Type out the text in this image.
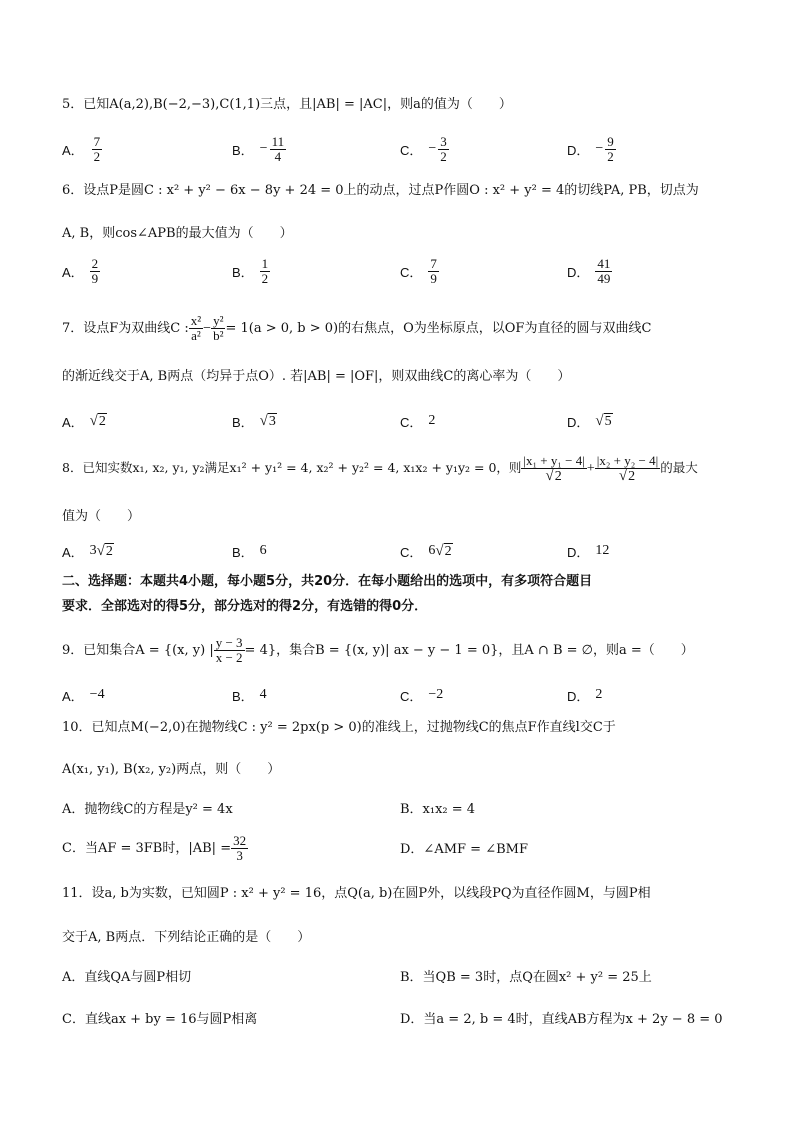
5．已知A(a,2),B(−2,−3),C(1,1)三点，且|AB| = |AC|，则a的值为（　　）
A． $\frac{7}{2}$	B． − $\frac{11}{4}$	C． − $\frac{3}{2}$	D． − $\frac{9}{2}$
6．设点P是圆C : x² + y² − 6x − 8y + 24 = 0上的动点，过点P作圆O : x² + y² = 4的切线PA, PB，切点为
A, B，则cos∠APB的最大值为（　　）
A． $\frac{2}{9}$	B． $\frac{1}{2}$	C． $\frac{7}{9}$	D． $\frac{41}{49}$
7．设点F为双曲线C : $\frac{\text{x²}}{\text{a²}} - \frac{\text{y²}}{\text{b²}} = 1(a > 0$, b > 0)的右焦点，O为坐标原点，以OF为直径的圆与双曲线C
的渐近线交于A, B两点（均异于点O）. 若|AB| = |OF|，则双曲线C的离心率为（　　）
A． √2	B． √3	C． 2	D． √5
8．已知实数x₁, x₂, y₁, y₂满足x₁² + y₁² = 4, x₂² + y₂² = 4, x₁x₂ + y₁y₂ = 0，则 $\frac{\text{|x₁ + y₁ − 4|}}{√2} + \frac{\text{|x₂ + y₂ − 4|}}{√2}$ 的最大
值为（　　）
A． 3 √2	B． 6	C． 6 √2	D． 12
二、选择题：本题共4小题，每小题5分，共20分．在每小题给出的选项中，有多项符合题目
要求．全部选对的得5分，部分选对的得2分，有选错的得0分．
9．已知集合A = {(x, y) | $\frac{y - 3}{x - 2} = 4$}，集合B = {(x, y)| ax − y − 1 = 0}，且A ∩ B = ∅，则a =（　　）
A． −4	B． 4	C． −2	D． 2
10．已知点M(−2,0)在抛物线C : y² = 2px(p > 0)的准线上，过抛物线C的焦点F作直线l交C于
A(x₁, y₁), B(x₂, y₂)两点，则（　　）
A．抛物线C的方程是y² = 4x	B．x₁x₂ = 4
C．当AF = 3FB时，$|AB| = \frac{32}{3}$	D．∠AMF = ∠BMF
11．设a, b为实数，已知圆P : x² + y² = 16，点Q(a, b)在圆P外，以线段PQ为直径作圆M，与圆P相
交于A, B两点．下列结论正确的是（　　）
A．直线QA与圆P相切	B．当QB = 3时，点Q在圆x² + y² = 25上
C．直线ax + by = 16与圆P相离	D．当a = 2, b = 4时，直线AB方程为x + 2y − 8 = 0
